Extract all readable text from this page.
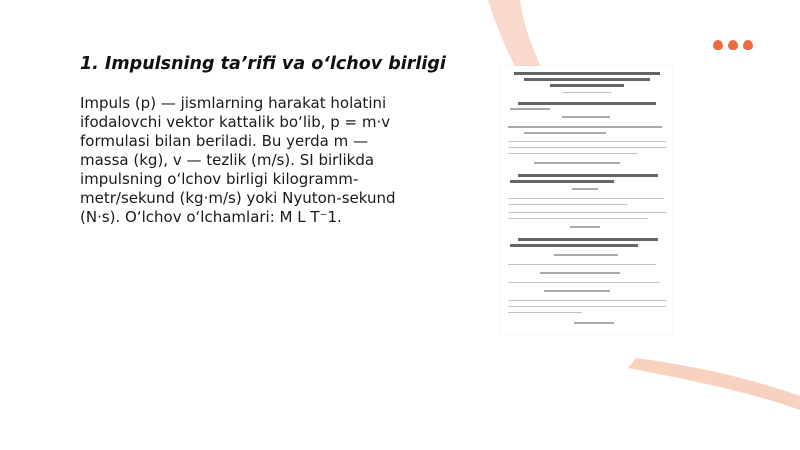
1. Impulsning ta’rifi va o‘lchov birligi

Impuls (p) — jismlarning harakat holatini ifodalovchi vektor kattalik bo‘lib, p = m·v formulasi bilan beriladi. Bu yerda m — massa (kg), v — tezlik (m/s). SI birlikda impulsning o‘lchov birligi kilogramm-metr/sekund (kg·m/s) yoki Nyuton-sekund (N·s). O‘lchov o‘lchamlari: M L T⁻1.
